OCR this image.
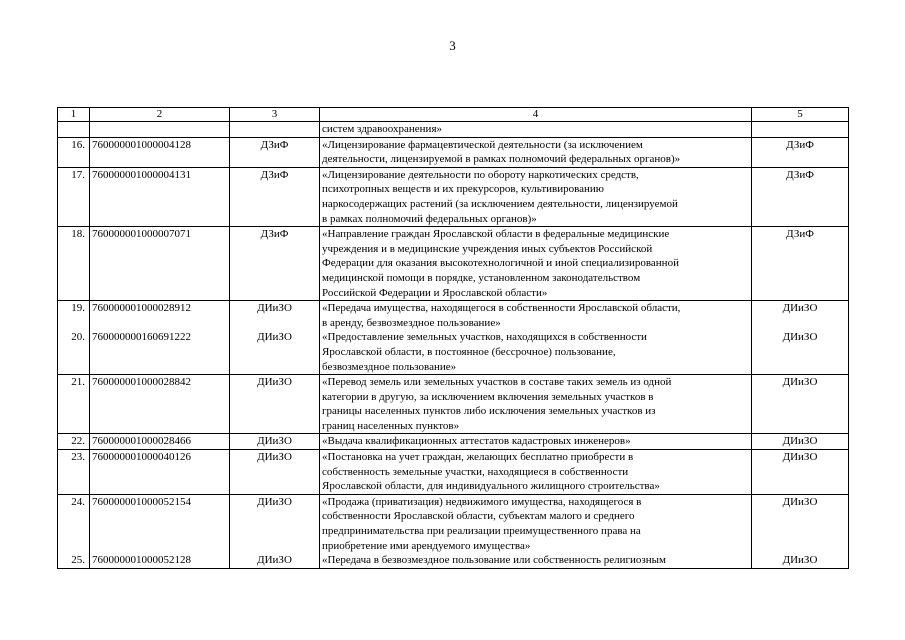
3
1	2	3	4	5
			систем здравоохранения»	
16.	760000001000004128	ДЗиФ	«Лицензирование фармацевтической деятельности (за исключением
деятельности, лицензируемой в рамках полномочий федеральных органов)»	ДЗиФ
17.	760000001000004131	ДЗиФ	«Лицензирование деятельности по обороту наркотических средств,
психотропных веществ и их прекурсоров, культивированию
наркосодержащих растений (за исключением деятельности, лицензируемой
в рамках полномочий федеральных органов)»	ДЗиФ
18.	760000001000007071	ДЗиФ	«Направление граждан Ярославской области в федеральные медицинские
учреждения и в медицинские учреждения иных субъектов Российской
Федерации для оказания высокотехнологичной и иной специализированной
медицинской помощи в порядке, установленном законодательством
Российской Федерации и Ярославской области»	ДЗиФ
19.	760000001000028912	ДИиЗО	«Передача имущества, находящегося в собственности Ярославской области,
в аренду, безвозмездное пользование»	ДИиЗО
20.	760000000160691222	ДИиЗО	«Предоставление земельных участков, находящихся в собственности
Ярославской области, в постоянное (бессрочное) пользование,
безвозмездное пользование»	ДИиЗО
21.	760000001000028842	ДИиЗО	«Перевод земель или земельных участков в составе таких земель из одной
категории в другую, за исключением включения земельных участков в
границы населенных пунктов либо исключения земельных участков из
границ населенных пунктов»	ДИиЗО
22.	760000001000028466	ДИиЗО	«Выдача квалификационных аттестатов кадастровых инженеров»	ДИиЗО
23.	760000001000040126	ДИиЗО	«Постановка на учет граждан, желающих бесплатно приобрести в
собственность земельные участки, находящиеся в собственности
Ярославской области, для индивидуального жилищного строительства»	ДИиЗО
24.	760000001000052154	ДИиЗО	«Продажа (приватизация) недвижимого имущества, находящегося в
собственности Ярославской области, субъектам малого и среднего
предпринимательства при реализации преимущественного права на
приобретение ими арендуемого имущества»	ДИиЗО
25.	760000001000052128	ДИиЗО	«Передача в безвозмездное пользование или собственность религиозным	ДИиЗО
